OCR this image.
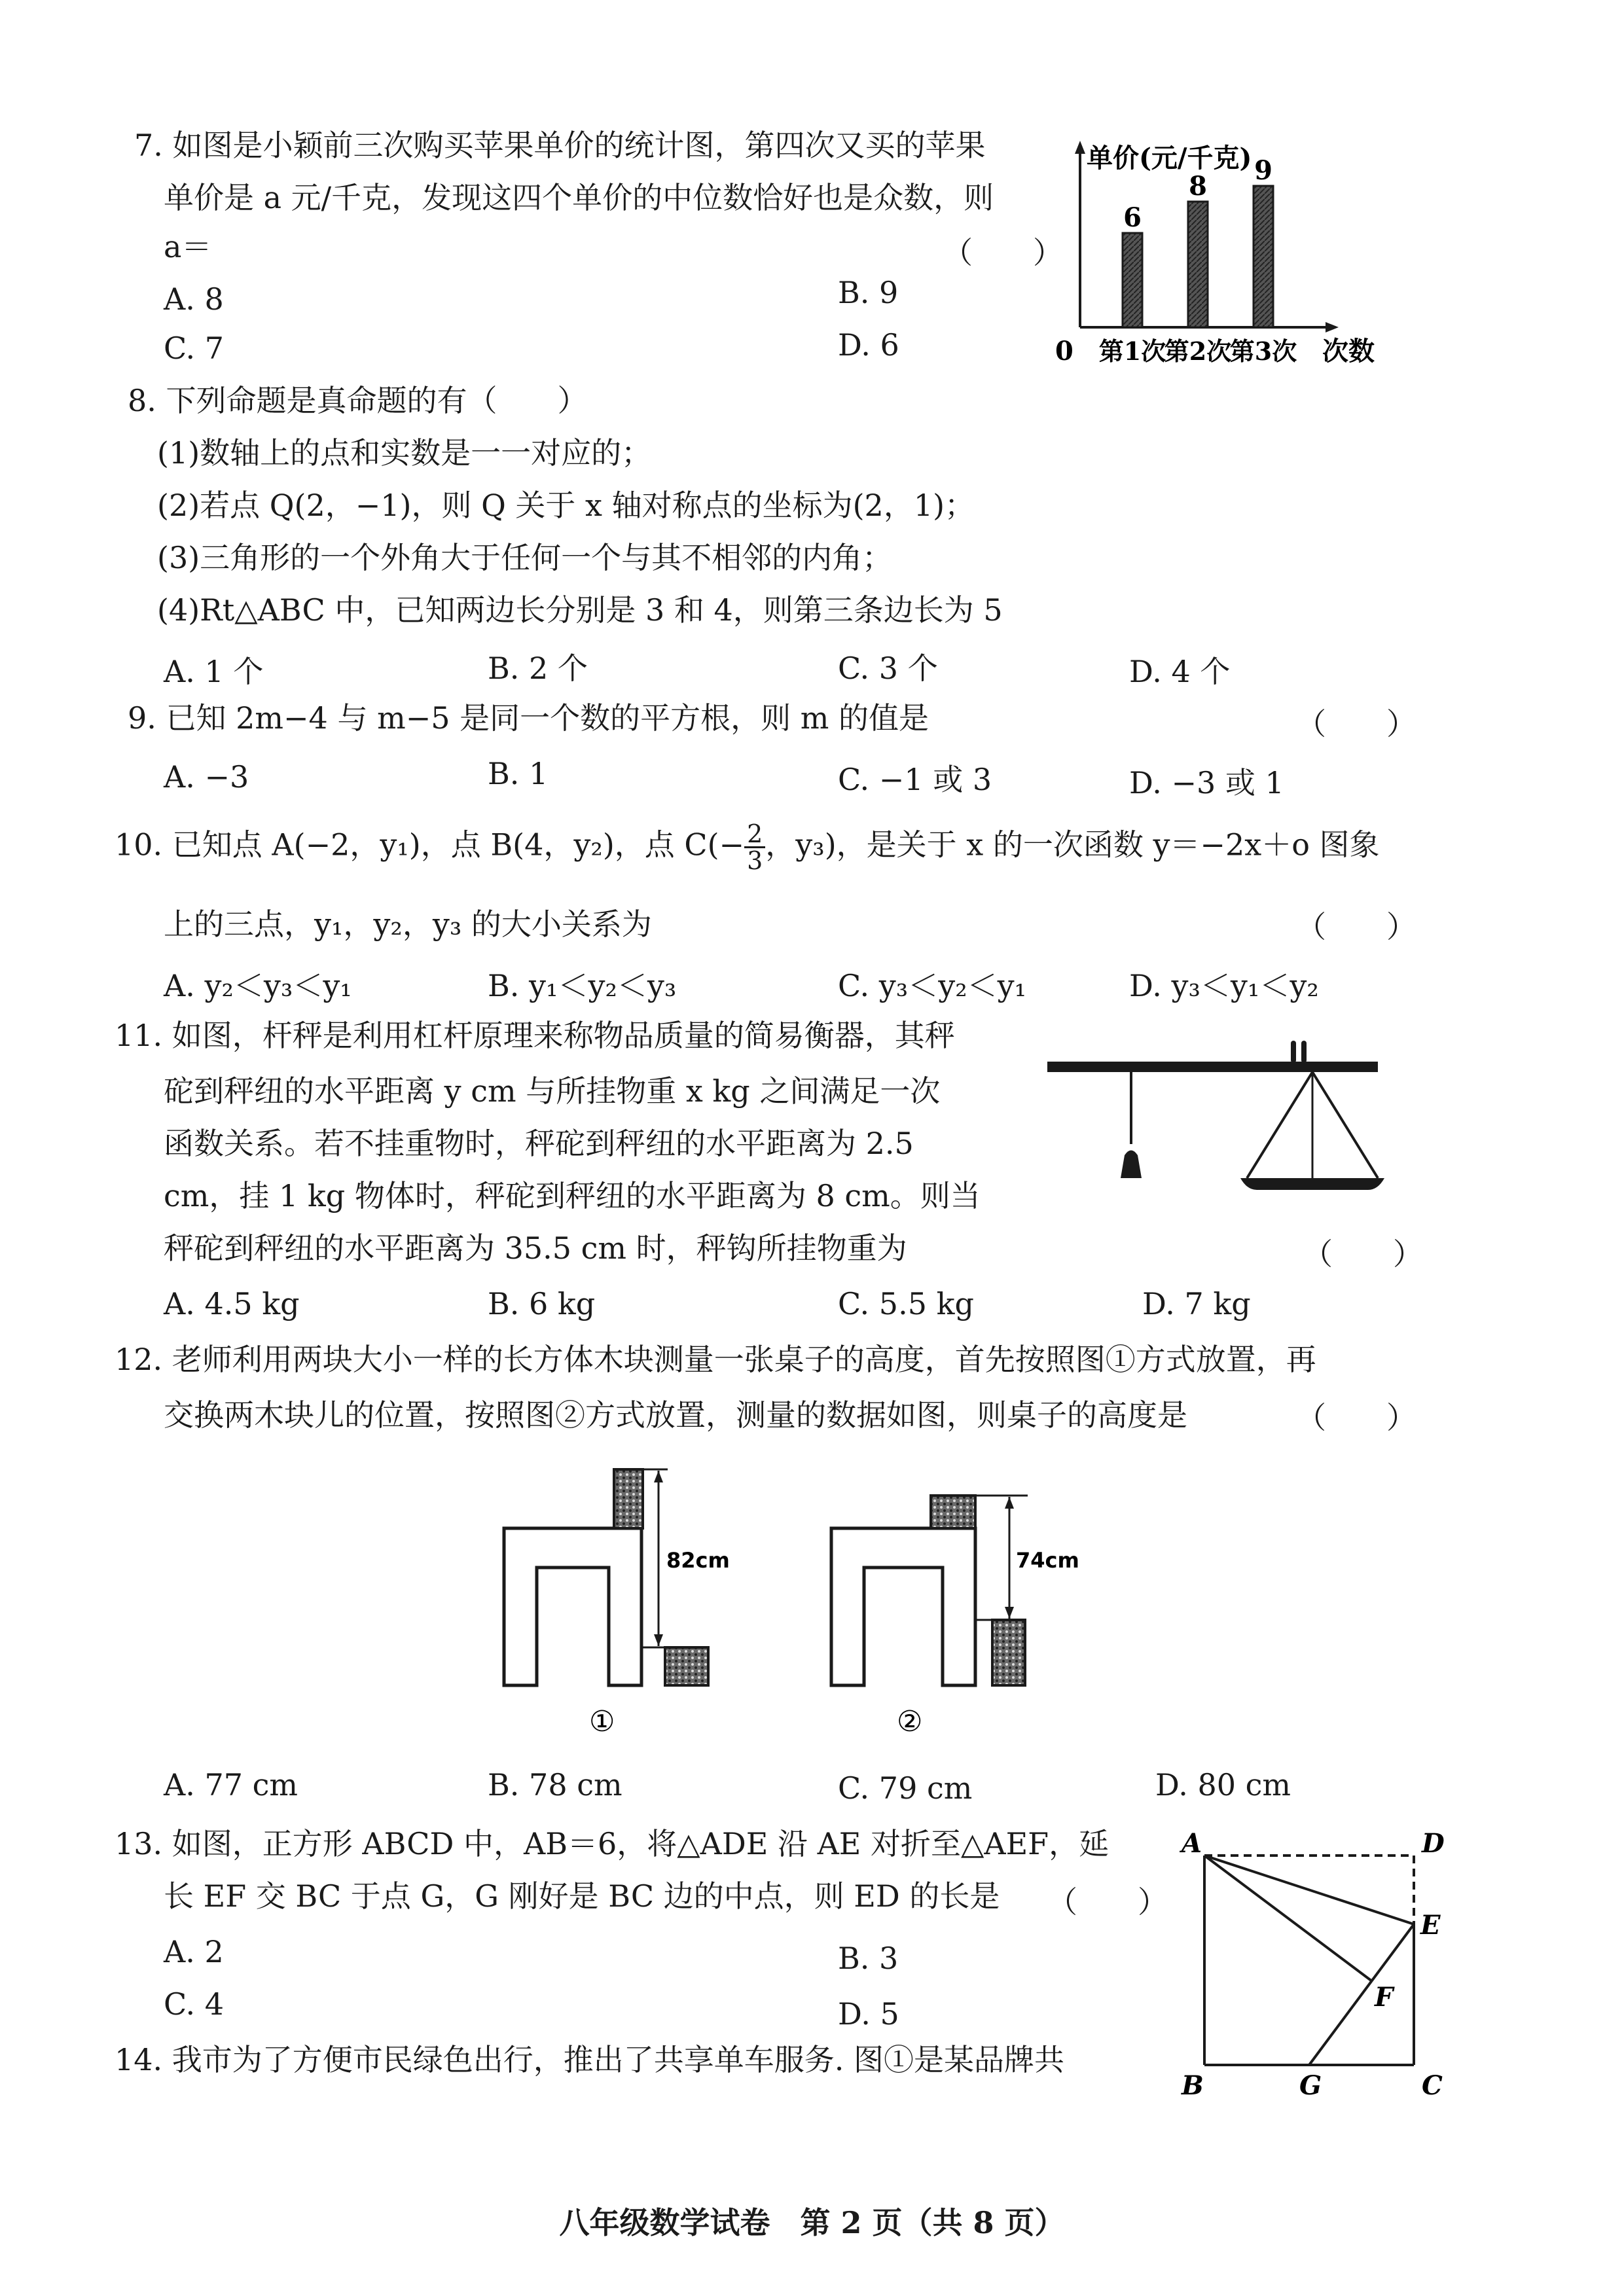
7. 如图是小颖前三次购买苹果单价的统计图，第四次又买的苹果
单价是 a 元/千克，发现这四个单价的中位数恰好也是众数，则
a＝	（　　）
A. 8	B. 9
C. 7	D. 6
单价(元/千克)
0	次数
6
第1次
8
第2次
9
第3次
8. 下列命题是真命题的有（　　）
(1)数轴上的点和实数是一一对应的；
(2)若点 Q(2，−1)，则 Q 关于 x 轴对称点的坐标为(2，1)；
(3)三角形的一个外角大于任何一个与其不相邻的内角；
(4)Rt△ABC 中，已知两边长分别是 3 和 4，则第三条边长为 5
A. 1 个	B. 2 个	C. 3 个	D. 4 个
9. 已知 2m−4 与 m−5 是同一个数的平方根，则 m 的值是	（　　）
A. −3	B. 1	C. −1 或 3	D. −3 或 1
10. 已知点 A(−2，y₁)，点 B(4，y₂)，点 $C(- \frac{2}{3}$ ，y₃)，是关于 x 的一次函数 y＝−2x＋o 图象
上的三点，y₁，y₂，y₃ 的大小关系为	（　　）
A. y₂＜y₃＜y₁	B. y₁＜y₂＜y₃	C. y₃＜y₂＜y₁	D. y₃＜y₁＜y₂
11. 如图，杆秤是利用杠杆原理来称物品质量的简易衡器，其秤
砣到秤纽的水平距离 y cm 与所挂物重 x kg 之间满足一次
函数关系。若不挂重物时，秤砣到秤纽的水平距离为 2.5
cm，挂 1 kg 物体时，秤砣到秤纽的水平距离为 8 cm。则当
秤砣到秤纽的水平距离为 35.5 cm 时，秤钩所挂物重为	（　　）
A. 4.5 kg	B. 6 kg	C. 5.5 kg	D. 7 kg
12. 老师利用两块大小一样的长方体木块测量一张桌子的高度，首先按照图①方式放置，再
交换两木块儿的位置，按照图②方式放置，测量的数据如图，则桌子的高度是	（　　）
82cm
①
74cm
②
A. 77 cm	B. 78 cm	C. 79 cm	D. 80 cm
13. 如图，正方形 ABCD 中，AB＝6，将△ADE 沿 AE 对折至△AEF，延
长 EF 交 BC 于点 G，G 刚好是 BC 边的中点，则 ED 的长是 （　　）
A. 2	B. 3
C. 4	D. 5
A	D
E
F
B	G	C
14. 我市为了方便市民绿色出行，推出了共享单车服务. 图①是某品牌共
八年级数学试卷　第 2 页（共 8 页）
